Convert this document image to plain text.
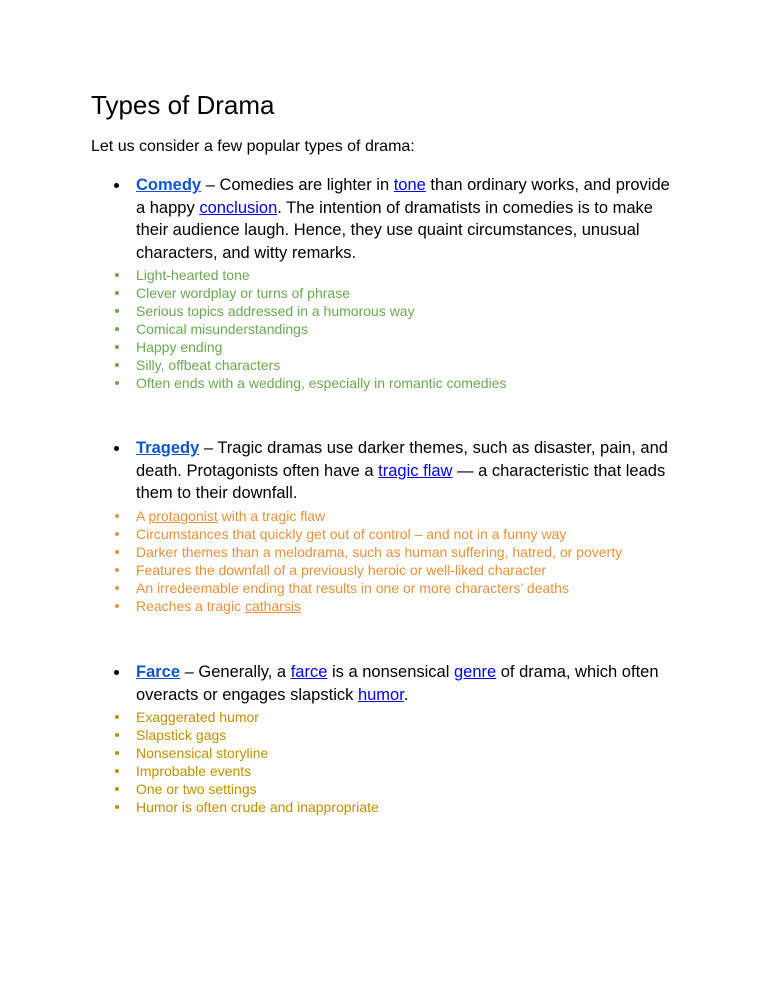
Types of Drama

Let us consider a few popular types of drama:

Comedy – Comedies are lighter in tone than ordinary works, and provide a happy conclusion. The intention of dramatists in comedies is to make their audience laugh. Hence, they use quaint circumstances, unusual characters, and witty remarks.
Light-hearted tone
Clever wordplay or turns of phrase
Serious topics addressed in a humorous way
Comical misunderstandings
Happy ending
Silly, offbeat characters
Often ends with a wedding, especially in romantic comedies
Tragedy – Tragic dramas use darker themes, such as disaster, pain, and death. Protagonists often have a tragic flaw — a characteristic that leads them to their downfall.
A protagonist with a tragic flaw
Circumstances that quickly get out of control – and not in a funny way
Darker themes than a melodrama, such as human suffering, hatred, or poverty
Features the downfall of a previously heroic or well-liked character
An irredeemable ending that results in one or more characters’ deaths
Reaches a tragic catharsis
Farce – Generally, a farce is a nonsensical genre of drama, which often overacts or engages slapstick humor.
Exaggerated humor
Slapstick gags
Nonsensical storyline
Improbable events
One or two settings
Humor is often crude and inappropriate
